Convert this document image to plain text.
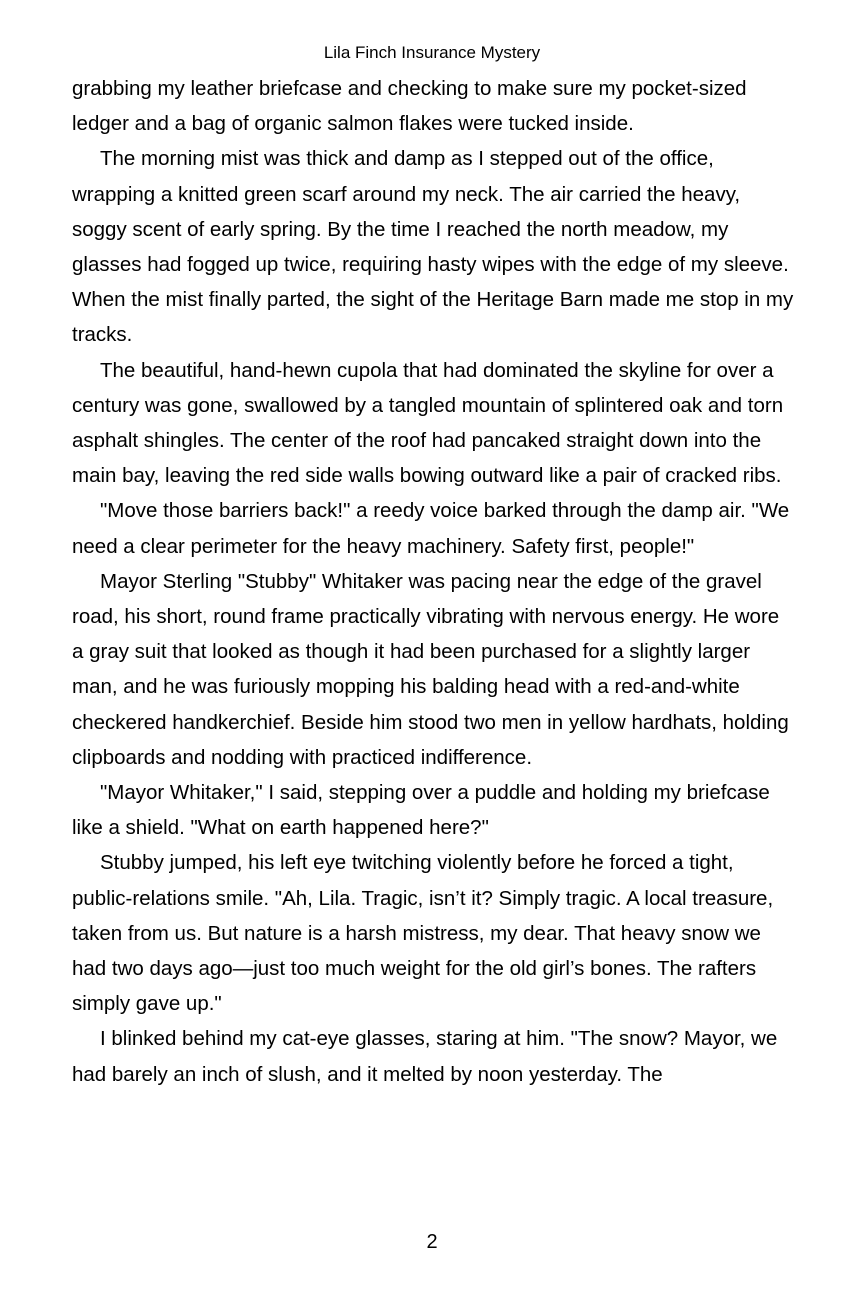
Lila Finch Insurance Mystery

grabbing my leather briefcase and checking to make sure my pocket-sized ledger and a bag of organic salmon flakes were tucked inside.

The morning mist was thick and damp as I stepped out of the office, wrapping a knitted green scarf around my neck. The air carried the heavy, soggy scent of early spring. By the time I reached the north meadow, my glasses had fogged up twice, requiring hasty wipes with the edge of my sleeve. When the mist finally parted, the sight of the Heritage Barn made me stop in my tracks.

The beautiful, hand-hewn cupola that had dominated the skyline for over a century was gone, swallowed by a tangled mountain of splintered oak and torn asphalt shingles. The center of the roof had pancaked straight down into the main bay, leaving the red side walls bowing outward like a pair of cracked ribs.

"Move those barriers back!" a reedy voice barked through the damp air. "We need a clear perimeter for the heavy machinery. Safety first, people!"

Mayor Sterling "Stubby" Whitaker was pacing near the edge of the gravel road, his short, round frame practically vibrating with nervous energy. He wore a gray suit that looked as though it had been purchased for a slightly larger man, and he was furiously mopping his balding head with a red-and-white checkered handkerchief. Beside him stood two men in yellow hardhats, holding clipboards and nodding with practiced indifference.

"Mayor Whitaker," I said, stepping over a puddle and holding my briefcase like a shield. "What on earth happened here?"

Stubby jumped, his left eye twitching violently before he forced a tight, public-relations smile. "Ah, Lila. Tragic, isn’t it? Simply tragic. A local treasure, taken from us. But nature is a harsh mistress, my dear. That heavy snow we had two days ago—just too much weight for the old girl’s bones. The rafters simply gave up."

I blinked behind my cat-eye glasses, staring at him. "The snow? Mayor, we had barely an inch of slush, and it melted by noon yesterday. The

2
